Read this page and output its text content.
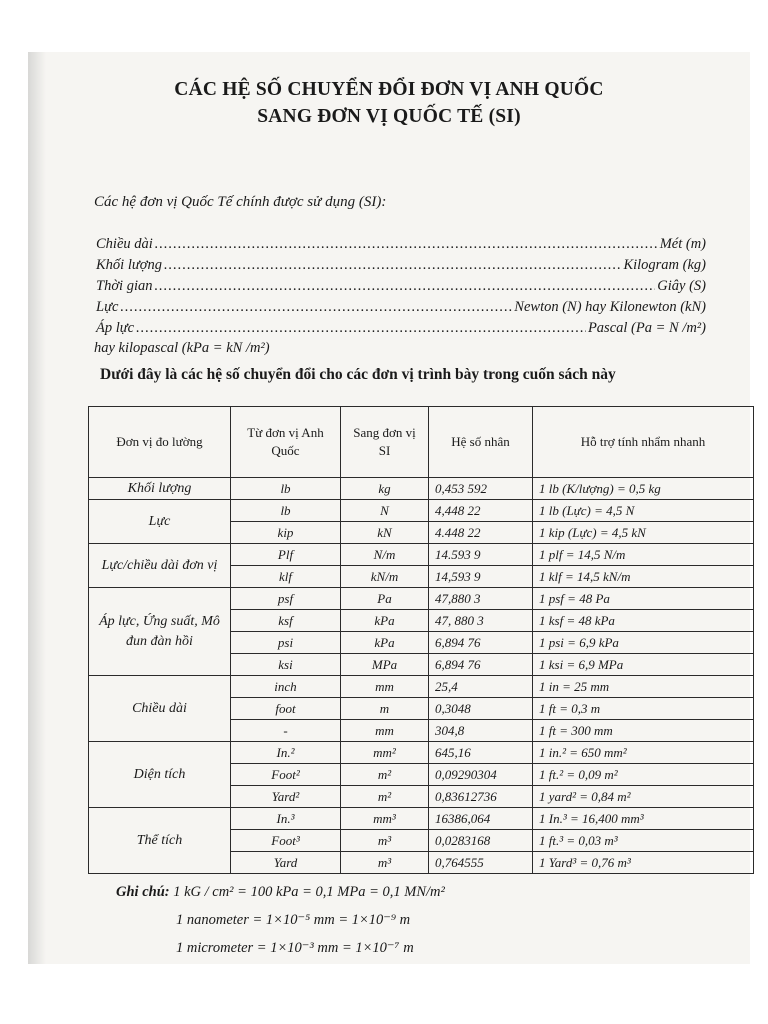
CÁC HỆ SỐ CHUYỂN ĐỔI ĐƠN VỊ ANH QUỐC
SANG ĐƠN VỊ QUỐC TẾ (SI)
Các hệ đơn vị Quốc Tế chính được sử dụng (SI):
Chiều dài .....	Mét (m)
Khối lượng .....	Kilogram (kg)
Thời gian .....	Giây (S)
Lực .....	Newton (N) hay Kilonewton (kN)
Áp lực .....	Pascal (Pa = N /m²)
hay kilopascal (kPa = kN /m²)
Dưới đây là các hệ số chuyển đổi cho các đơn vị trình bày trong cuốn sách này
Đơn vị đo lường	Từ đơn vị Anh Quốc	Sang đơn vị SI	Hệ số nhân	Hỗ trợ tính nhẩm nhanh
Khối lượng	lb	kg	0,453 592	1 lb (K/lượng) = 0,5 kg
Lực	lb	N	4,448 22	1 lb (Lực) = 4,5 N
	kip	kN	4.448 22	1 kip (Lực) = 4,5 kN
Lực/chiều dài đơn vị	Plf	N/m	14.593 9	1 plf = 14,5 N/m
	klf	kN/m	14,593 9	1 klf = 14,5 kN/m
Áp lực, Ứng suất, Mô đun đàn hồi	psf	Pa	47,880 3	1 psf = 48 Pa
	ksf	kPa	47, 880 3	1 ksf = 48 kPa
	psi	kPa	6,894 76	1 psi = 6,9 kPa
	ksi	MPa	6,894 76	1 ksi = 6,9 MPa
Chiều dài	inch	mm	25,4	1 in = 25 mm
	foot	m	0,3048	1 ft = 0,3 m
	-	mm	304,8	1 ft = 300 mm
Diện tích	In.²	mm²	645,16	1 in.² = 650 mm²
	Foot²	m²	0,09290304	1 ft.² = 0,09 m²
	Yard²	m²	0,83612736	1 yard² = 0,84 m²
Thể tích	In.³	mm³	16386,064	1 In.³ = 16,400 mm³
	Foot³	m³	0,0283168	1 ft.³ = 0,03 m³
	Yard	m³	0,764555	1 Yard³ = 0,76 m³
Ghi chú: 1 kG / cm² = 100 kPa = 0,1 MPa = 0,1 MN/m²
1 nanometer = 1×10⁻⁵ mm = 1×10⁻⁹ m
1 micrometer = 1×10⁻³ mm = 1×10⁻⁷ m
